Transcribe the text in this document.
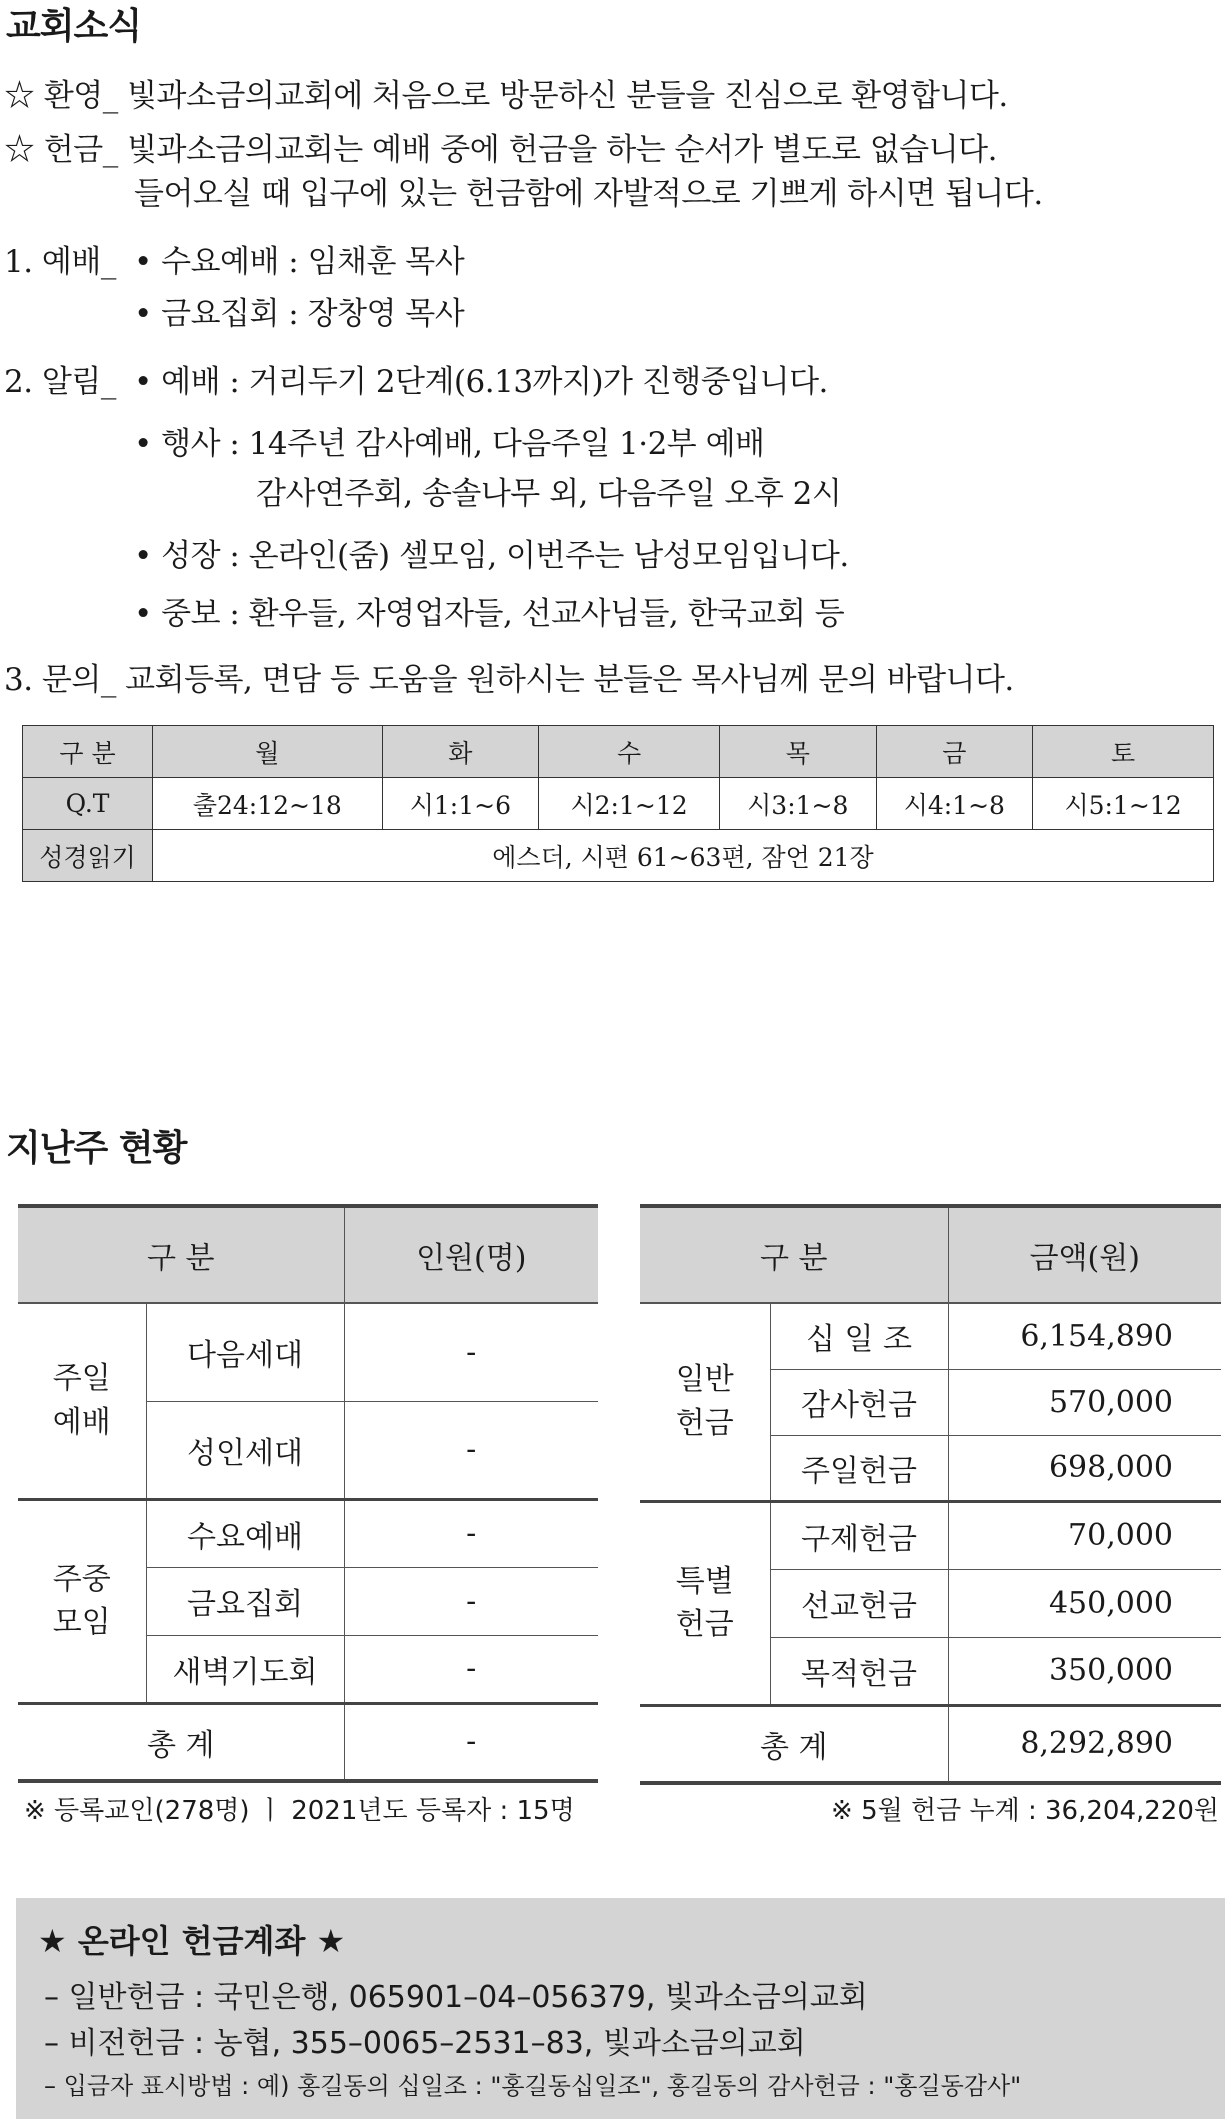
교회소식
☆ 환영_ 빛과소금의교회에 처음으로 방문하신 분들을 진심으로 환영합니다.
☆ 헌금_ 빛과소금의교회는 예배 중에 헌금을 하는 순서가 별도로 없습니다.
들어오실 때 입구에 있는 헌금함에 자발적으로 기쁘게 하시면 됩니다.
1. 예배_ • 수요예배 : 임채훈 목사
• 금요집회 : 장창영 목사
2. 알림_ • 예배 : 거리두기 2단계(6.13까지)가 진행중입니다.
• 행사 : 14주년 감사예배, 다음주일 1·2부 예배
감사연주회, 송솔나무 외, 다음주일 오후 2시
• 성장 : 온라인(줌) 셀모임, 이번주는 남성모임입니다.
• 중보 : 환우들, 자영업자들, 선교사님들, 한국교회 등
3. 문의_ 교회등록, 면담 등 도움을 원하시는 분들은 목사님께 문의 바랍니다.
구 분	월	화	수	목	금	토
Q.T	출24:12~18	시1:1~6	시2:1~12	시3:1~8	시4:1~8	시5:1~12
성경읽기	에스더, 시편 61~63편, 잠언 21장					
지난주 현황
구 분		인원(명)
주일
예배	다음세대	-
	성인세대	-
주중
모임	수요예배	-
	금요집회	-
	새벽기도회	-
총 계		-
구 분		금액(원)
일반
헌금	십 일 조	6,154,890
	감사헌금	570,000
	주일헌금	698,000
특별
헌금	구제헌금	70,000
	선교헌금	450,000
	목적헌금	350,000
총 계		8,292,890
※ 등록교인(278명) ㅣ 2021년도 등록자 : 15명	※ 5월 헌금 누계 : 36,204,220원
★ 온라인 헌금계좌 ★
– 일반헌금 : 국민은행, 065901–04–056379, 빛과소금의교회
– 비전헌금 : 농협, 355–0065–2531–83, 빛과소금의교회
– 입금자 표시방법 : 예) 홍길동의 십일조 : "홍길동십일조", 홍길동의 감사헌금 : "홍길동감사"
